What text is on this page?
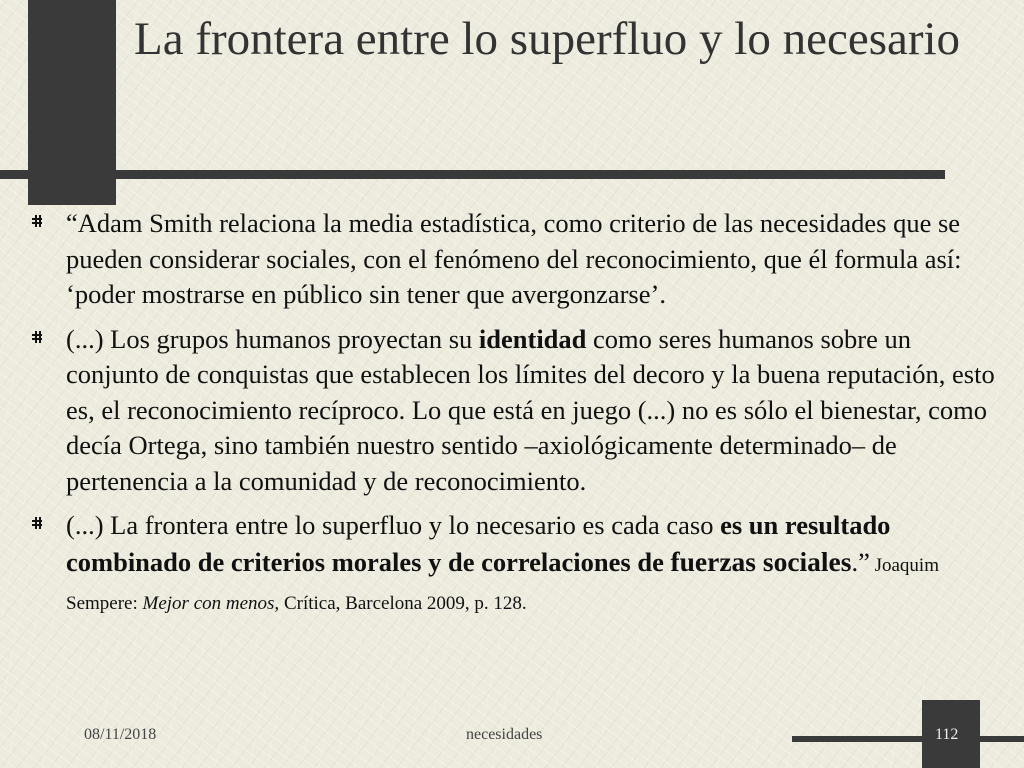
La frontera entre lo superfluo y lo necesario
“Adam Smith relaciona la media estadística, como criterio de las necesidades que se pueden considerar sociales, con el fenómeno del reconocimiento, que él formula así: ‘poder mostrarse en público sin tener que avergonzarse’.
(...) Los grupos humanos proyectan su identidad como seres humanos sobre un conjunto de conquistas que establecen los límites del decoro y la buena reputación, esto es, el reconocimiento recíproco. Lo que está en juego (...) no es sólo el bienestar, como decía Ortega, sino también nuestro sentido –axiológicamente determinado– de pertenencia a la comunidad y de reconocimiento.
(...) La frontera entre lo superfluo y lo necesario es cada caso es un resultado combinado de criterios morales y de correlaciones de fuerzas sociales.” Joaquim Sempere: Mejor con menos, Crítica, Barcelona 2009, p. 128.
08/11/2018	necesidades	112
